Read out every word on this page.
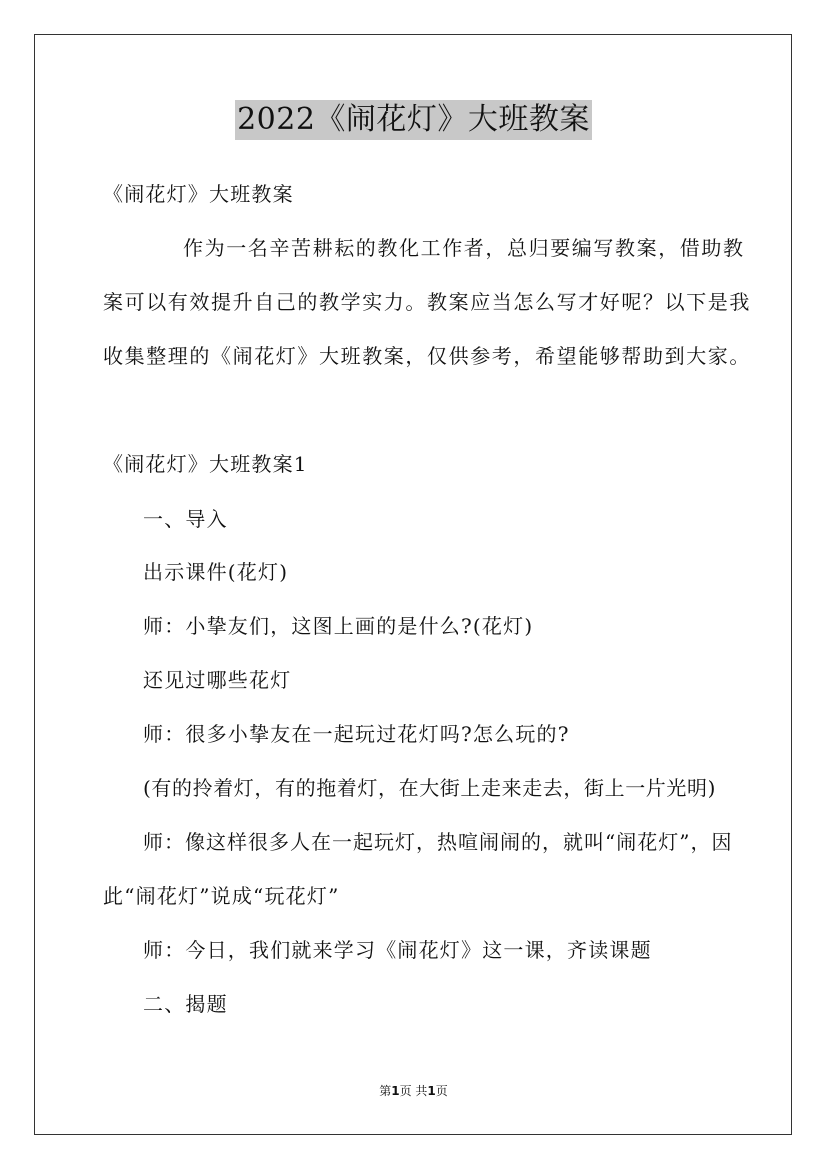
2022《闹花灯》大班教案
《闹花灯》大班教案
作为一名辛苦耕耘的教化工作者，总归要编写教案，借助教
案可以有效提升自己的教学实力。教案应当怎么写才好呢？以下是我
收集整理的《闹花灯》大班教案，仅供参考，希望能够帮助到大家。
《闹花灯》大班教案1
一、导入
出示课件(花灯)
师：小挚友们，这图上画的是什么?(花灯)
还见过哪些花灯
师：很多小挚友在一起玩过花灯吗?怎么玩的?
(有的拎着灯，有的拖着灯，在大街上走来走去，街上一片光明)
师：像这样很多人在一起玩灯，热喧闹闹的，就叫“闹花灯”，因
此“闹花灯”说成“玩花灯”
师：今日，我们就来学习《闹花灯》这一课，齐读课题
二、揭题
第1页 共1页
